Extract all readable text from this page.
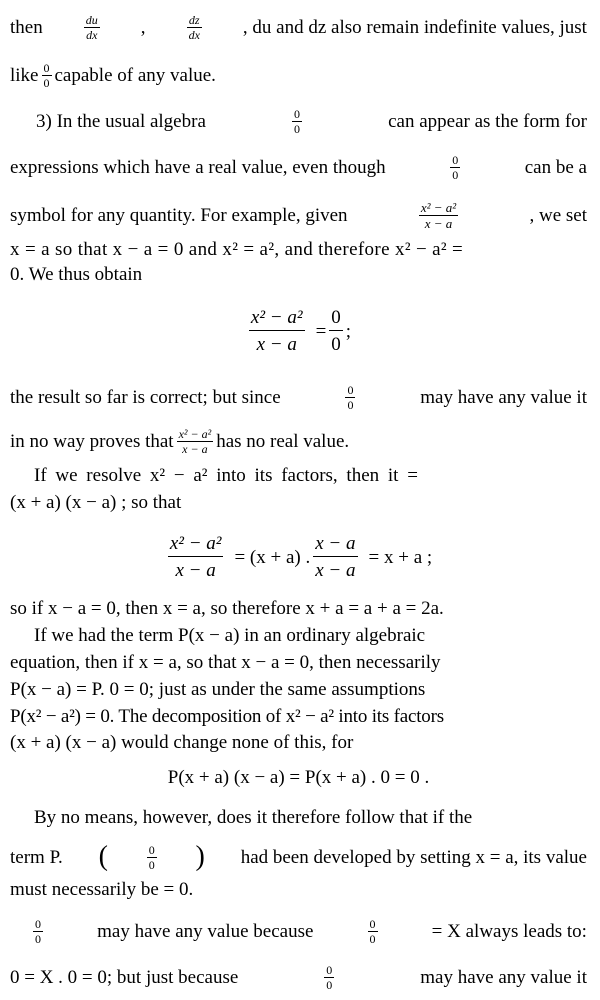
then	$\frac{du}{dx}$ ,	$\frac{dz}{dx}$ , du and dz also remain indefinite values, just
like $\frac{0}{0}$ capable of any value.
3) In the usual algebra	$\frac{0}{0}$	can appear as the form for
expressions which have a real value, even though	$\frac{0}{0}$	can be a
symbol for any quantity. For example, given	$\frac{\text{x² − a²}}{x - a}$	, we set
x = a so that x − a = 0 and x² = a², and therefore x² − a² =
0. We thus obtain
$\frac{\text{x² − a²}}{x - a} = \frac{0}{0}$ ;
the result so far is correct; but since	$\frac{0}{0}$	may have any value it
in no way proves that $\frac{\text{x² − a²}}{x - a}$ has no real value.
If we resolve x² − a² into its factors, then it =
(x + a) (x − a) ; so that
$\frac{\text{x² − a²}}{x - a} = (x + a)$ . $\frac{x - a}{x - a} = x + a$ ;
so if x − a = 0, then x = a, so therefore x + a = a + a = 2a.
If we had the term P(x − a) in an ordinary algebraic
equation, then if x = a, so that x − a = 0, then necessarily
P(x − a) = P. 0 = 0; just as under the same assumptions
P(x² − a²) = 0. The decomposition of x² − a² into its factors
(x + a) (x − a) would change none of this, for
P(x + a) (x − a) = P(x + a) . 0 = 0 .
By no means, however, does it therefore follow that if the
term P. (	$\frac{0}{0}$ ) had been developed by setting x = a, its value
must necessarily be = 0.
$\frac{0}{0}$	may have any value because	$\frac{0}{0}$	= X always leads to:
0 = X . 0 = 0; but just because	$\frac{0}{0}$	may have any value it
